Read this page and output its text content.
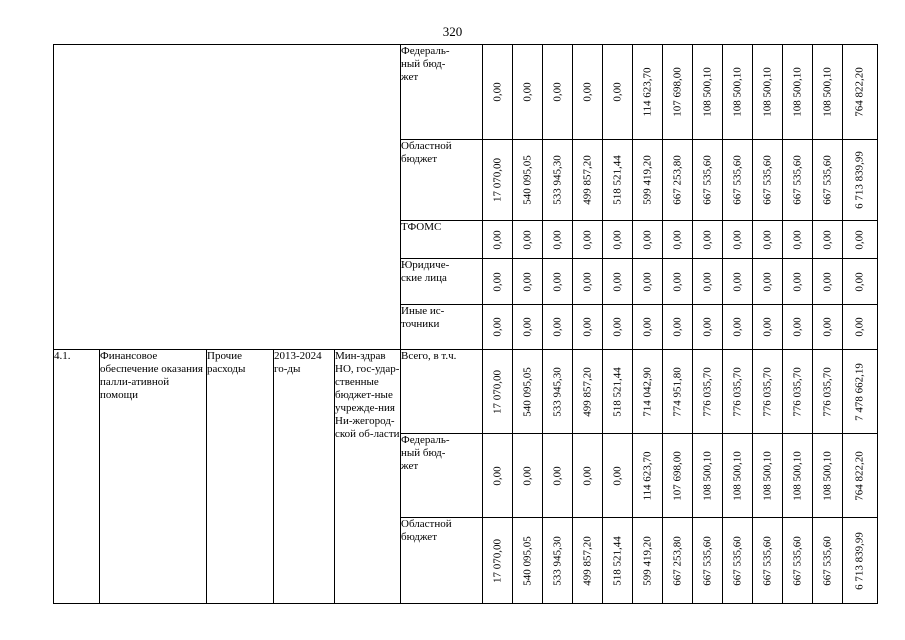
320
					Федераль-
ный бюд-
жет	0,00	0,00	0,00	0,00	0,00	114 623,70	107 698,00	108 500,10	108 500,10	108 500,10	108 500,10	108 500,10	764 822,20

					Областной бюджет	17 070,00	540 095,05	533 945,30	499 857,20	518 521,44	599 419,20	667 253,80	667 535,60	667 535,60	667 535,60	667 535,60	667 535,60	6 713 839,99

					ТФОМС	0,00	0,00	0,00	0,00	0,00	0,00	0,00	0,00	0,00	0,00	0,00	0,00	0,00

					Юридиче-
ские лица	0,00	0,00	0,00	0,00	0,00	0,00	0,00	0,00	0,00	0,00	0,00	0,00	0,00

					Иные ис-
точники	0,00	0,00	0,00	0,00	0,00	0,00	0,00	0,00	0,00	0,00	0,00	0,00	0,00

4.1.	Финансовое обеспечение оказания палли-ативной помощи	Прочие расходы	2013-2024 го-ды	Мин-здрав НО, гос-удар-ственные бюджет-ные учрежде-ния Ни-жегород-ской об-ласти	Всего, в т.ч.	17 070,00	540 095,05	533 945,30	499 857,20	518 521,44	714 042,90	774 951,80	776 035,70	776 035,70	776 035,70	776 035,70	776 035,70	7 478 662,19

					Федераль-
ный бюд-
жет	0,00	0,00	0,00	0,00	0,00	114 623,70	107 698,00	108 500,10	108 500,10	108 500,10	108 500,10	108 500,10	764 822,20

					Областной бюджет	17 070,00	540 095,05	533 945,30	499 857,20	518 521,44	599 419,20	667 253,80	667 535,60	667 535,60	667 535,60	667 535,60	667 535,60	6 713 839,99
